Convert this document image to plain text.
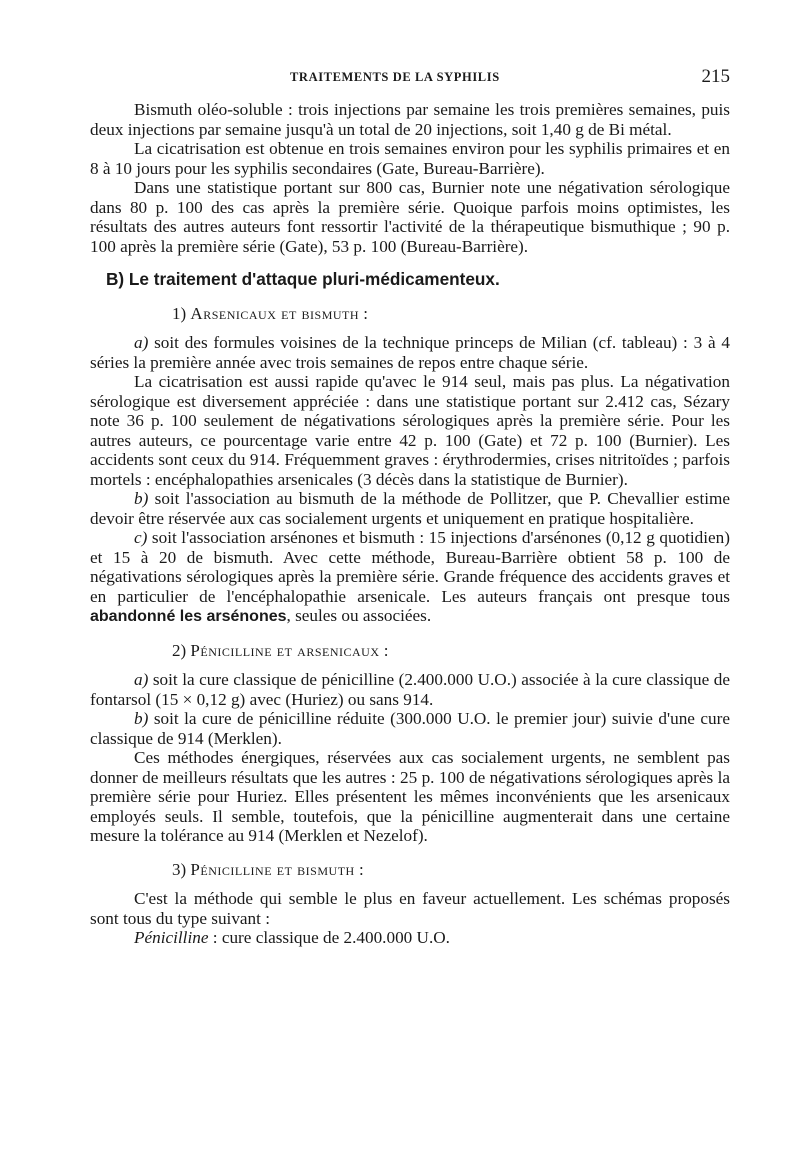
TRAITEMENTS DE LA SYPHILIS	215

Bismuth oléo-soluble : trois injections par semaine les trois premières semaines, puis deux injections par semaine jusqu'à un total de 20 injections, soit 1,40 g de Bi métal.

La cicatrisation est obtenue en trois semaines environ pour les syphilis primaires et en 8 à 10 jours pour les syphilis secondaires (Gate, Bureau-Barrière).

Dans une statistique portant sur 800 cas, Burnier note une négativation sérologique dans 80 p. 100 des cas après la première série. Quoique parfois moins optimistes, les résultats des autres auteurs font ressortir l'activité de la thérapeutique bismuthique ; 90 p. 100 après la première série (Gate), 53 p. 100 (Bureau-Barrière).

B) Le traitement d'attaque pluri-médicamenteux.

1) Arsenicaux et bismuth :

a) soit des formules voisines de la technique princeps de Milian (cf. tableau) : 3 à 4 séries la première année avec trois semaines de repos entre chaque série.

La cicatrisation est aussi rapide qu'avec le 914 seul, mais pas plus. La négativation sérologique est diversement appréciée : dans une statistique portant sur 2.412 cas, Sézary note 36 p. 100 seulement de négativations sérologiques après la première série. Pour les autres auteurs, ce pourcentage varie entre 42 p. 100 (Gate) et 72 p. 100 (Burnier). Les accidents sont ceux du 914. Fréquemment graves : érythrodermies, crises nitritoïdes ; parfois mortels : encéphalopathies arsenicales (3 décès dans la statistique de Burnier).

b) soit l'association au bismuth de la méthode de Pollitzer, que P. Chevallier estime devoir être réservée aux cas socialement urgents et uniquement en pratique hospitalière.

c) soit l'association arsénones et bismuth : 15 injections d'arsénones (0,12 g quotidien) et 15 à 20 de bismuth. Avec cette méthode, Bureau-Barrière obtient 58 p. 100 de négativations sérologiques après la première série. Grande fréquence des accidents graves et en particulier de l'encéphalopathie arsenicale. Les auteurs français ont presque tous abandonné les arsénones, seules ou associées.

2) Pénicilline et arsenicaux :

a) soit la cure classique de pénicilline (2.400.000 U.O.) associée à la cure classique de fontarsol (15 × 0,12 g) avec (Huriez) ou sans 914.

b) soit la cure de pénicilline réduite (300.000 U.O. le premier jour) suivie d'une cure classique de 914 (Merklen).

Ces méthodes énergiques, réservées aux cas socialement urgents, ne semblent pas donner de meilleurs résultats que les autres : 25 p. 100 de négativations sérologiques après la première série pour Huriez. Elles présentent les mêmes inconvénients que les arsenicaux employés seuls. Il semble, toutefois, que la pénicilline augmenterait dans une certaine mesure la tolérance au 914 (Merklen et Nezelof).

3) Pénicilline et bismuth :

C'est la méthode qui semble le plus en faveur actuellement. Les schémas proposés sont tous du type suivant :

Pénicilline : cure classique de 2.400.000 U.O.
